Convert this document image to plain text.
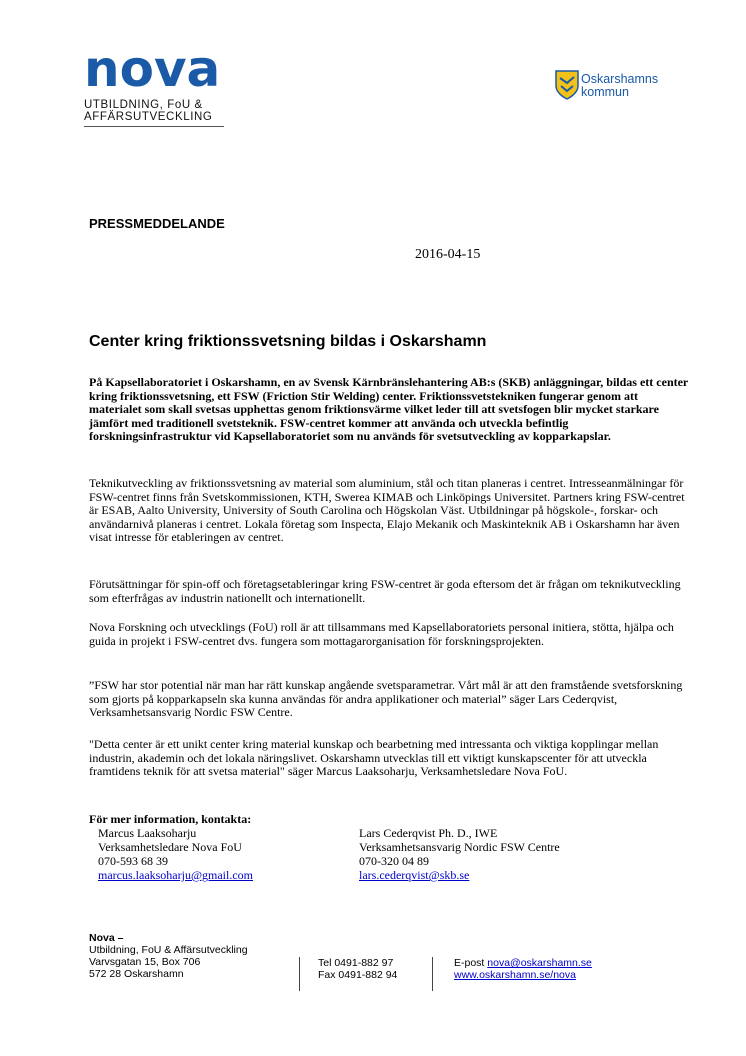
nova
UTBILDNING, FoU &
AFFÄRSUTVECKLING
Oskarshamns
kommun
PRESSMEDDELANDE
2016-04-15
Center kring friktionssvetsning bildas i Oskarshamn
På Kapsellaboratoriet i Oskarshamn, en av Svensk Kärnbränslehantering AB:s (SKB) anläggningar, bildas ett center kring friktionssvetsning, ett FSW (Friction Stir Welding) center. Friktionssvetstekniken fungerar genom att materialet som skall svetsas upphettas genom friktionsvärme vilket leder till att svetsfogen blir mycket starkare jämfört med traditionell svetsteknik. FSW-centret kommer att använda och utveckla befintlig forskningsinfrastruktur vid Kapsellaboratoriet som nu används för svetsutveckling av kopparkapslar.
Teknikutveckling av friktionssvetsning av material som aluminium, stål och titan planeras i centret. Intresseanmälningar för FSW-centret finns från Svetskommissionen, KTH, Swerea KIMAB och Linköpings Universitet. Partners kring FSW-centret är ESAB, Aalto University, University of South Carolina och Högskolan Väst. Utbildningar på högskole-, forskar- och användarnivå planeras i centret. Lokala företag som Inspecta, Elajo Mekanik och Maskinteknik AB i Oskarshamn har även visat intresse för etableringen av centret.
Förutsättningar för spin-off och företagsetableringar kring FSW-centret är goda eftersom det är frågan om teknikutveckling som efterfrågas av industrin nationellt och internationellt.
Nova Forskning och utvecklings (FoU) roll är att tillsammans med Kapsellaboratoriets personal initiera, stötta, hjälpa och guida in projekt i FSW-centret dvs. fungera som mottagarorganisation för forskningsprojekten.
”FSW har stor potential när man har rätt kunskap angående svetsparametrar. Vårt mål är att den framstående svetsforskning som gjorts på kopparkapseln ska kunna användas för andra applikationer och material” säger Lars Cederqvist, Verksamhetsansvarig Nordic FSW Centre.
"Detta center är ett unikt center kring material kunskap och bearbetning med intressanta och viktiga kopplingar mellan industrin, akademin och det lokala näringslivet. Oskarshamn utvecklas till ett viktigt kunskapscenter för att utveckla framtidens teknik för att svetsa material" säger Marcus Laaksoharju, Verksamhetsledare Nova FoU.
För mer information, kontakta:
Marcus Laaksoharju
Verksamhetsledare Nova FoU
070-593 68 39
marcus.laaksoharju@gmail.com
Lars Cederqvist Ph. D., IWE
Verksamhetsansvarig Nordic FSW Centre
070-320 04 89
lars.cederqvist@skb.se
Nova –
Utbildning, FoU & Affärsutveckling
Varvsgatan 15, Box 706
572 28 Oskarshamn
Tel 0491-882 97
Fax 0491-882 94
E-post nova@oskarshamn.se
www.oskarshamn.se/nova
